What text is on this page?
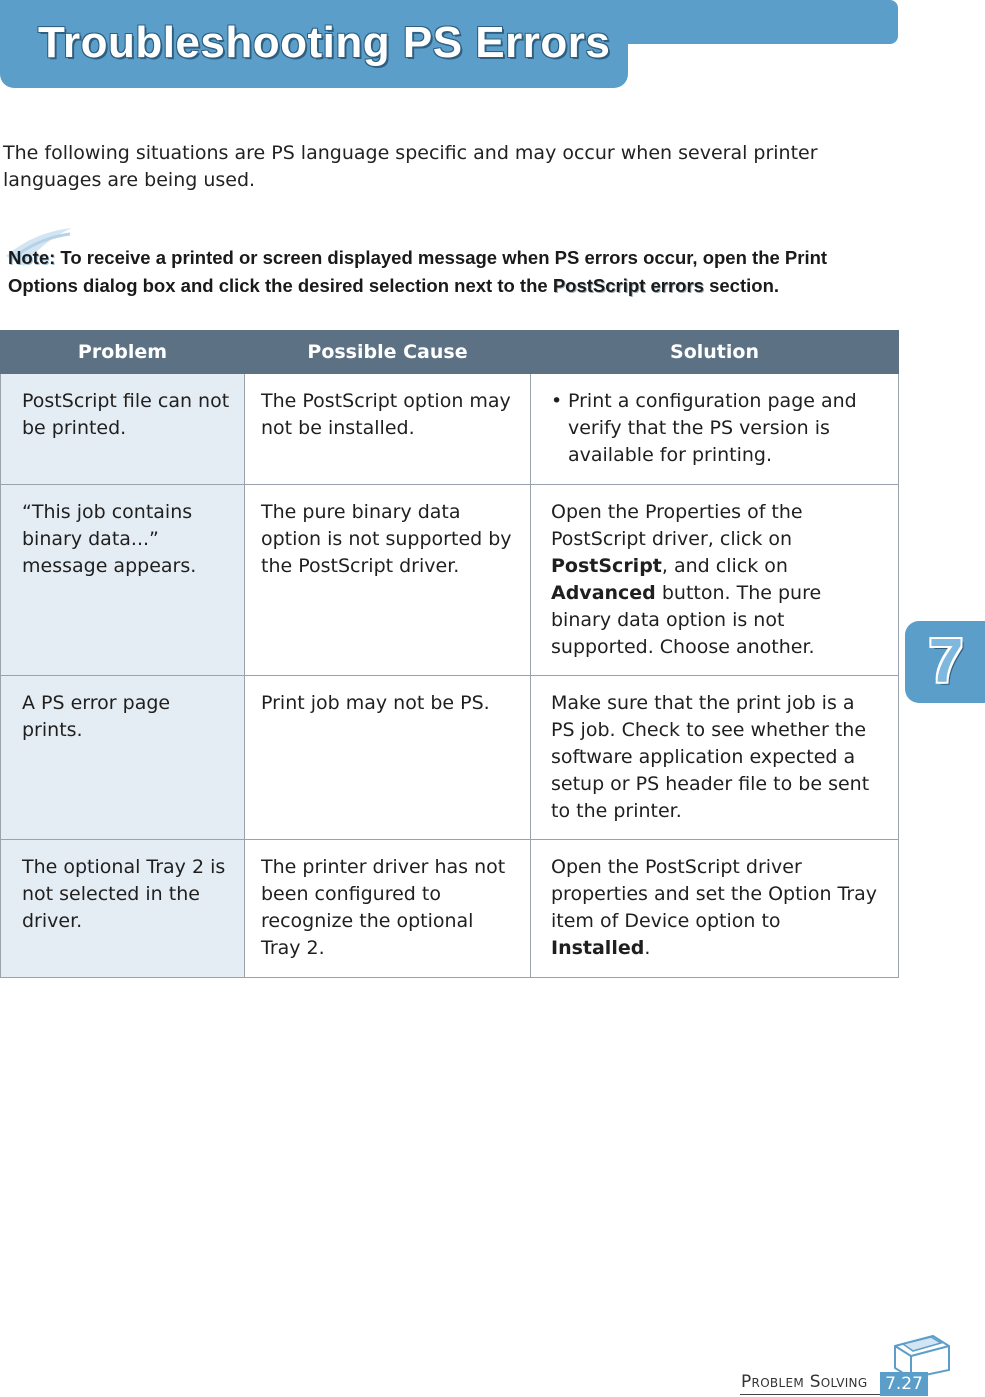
Troubleshooting PS Errors

The following situations are PS language specific and may occur when several printer languages are being used.

Note: To receive a printed or screen displayed message when PS errors occur, open the Print Options dialog box and click the desired selection next to the PostScript errors section.

Problem	Possible Cause	Solution
PostScript file can not be printed.	The PostScript option may not be installed.	• Print a configuration page and verify that the PS version is available for printing.

“This job contains binary data...” message appears.	The pure binary data option is not supported by the PostScript driver.	Open the Properties of the PostScript driver, click on PostScript, and click on Advanced button. The pure binary data option is not supported. Choose another.
A PS error page prints.	Print job may not be PS.	Make sure that the print job is a PS job. Check to see whether the software application expected a setup or PS header file to be sent to the printer.
The optional Tray 2 is not selected in the driver.	The printer driver has not been configured to recognize the optional Tray 2.	Open the PostScript driver properties and set the Option Tray item of Device option to Installed.
7
Problem Solving 7.27
